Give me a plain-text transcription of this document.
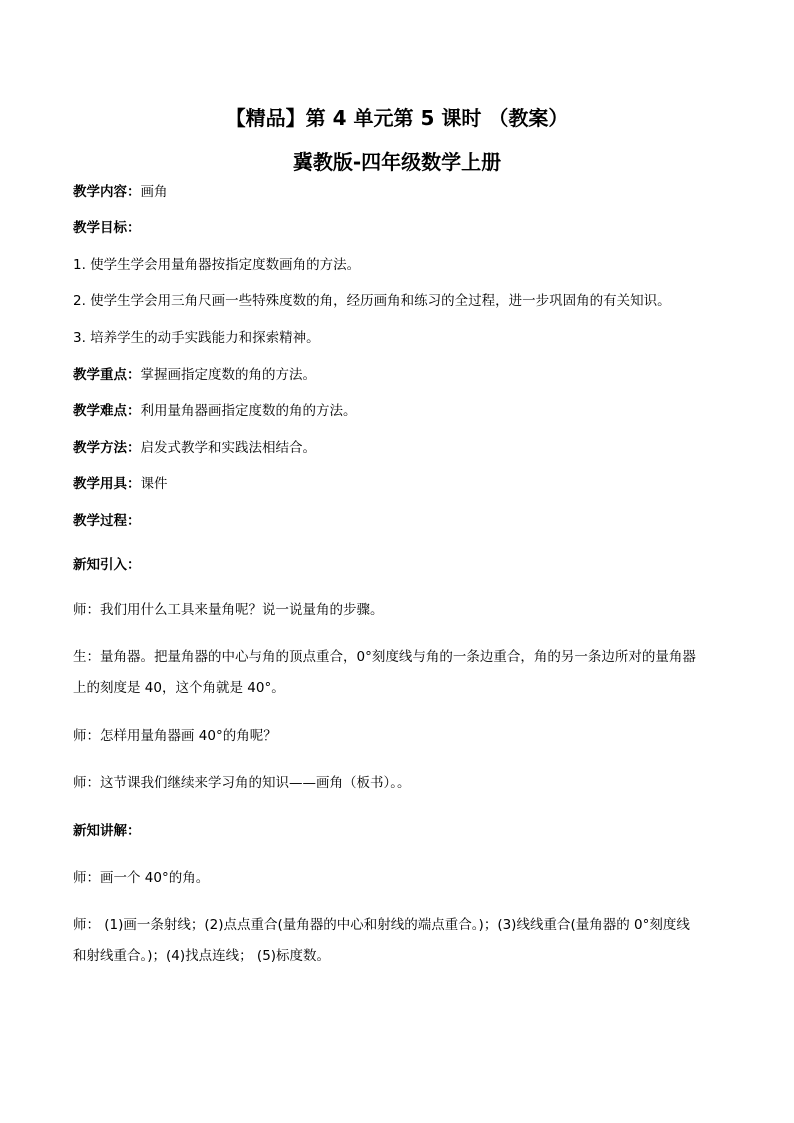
【精品】第 4 单元第 5 课时 （教案）
冀教版-四年级数学上册
教学内容：画角
教学目标：
1. 使学生学会用量角器按指定度数画角的方法。
2. 使学生学会用三角尺画一些特殊度数的角，经历画角和练习的全过程，进一步巩固角的有关知识。
3. 培养学生的动手实践能力和探索精神。
教学重点：掌握画指定度数的角的方法。
教学难点：利用量角器画指定度数的角的方法。
教学方法：启发式教学和实践法相结合。
教学用具：课件
教学过程：
新知引入：
师：我们用什么工具来量角呢？说一说量角的步骤。
生：量角器。把量角器的中心与角的顶点重合，0°刻度线与角的一条边重合，角的另一条边所对的量角器
上的刻度是 40，这个角就是 40°。
师：怎样用量角器画 40°的角呢？
师：这节课我们继续来学习角的知识——画角（板书）。。
新知讲解：
师：画一个 40°的角。
师： (1)画一条射线；(2)点点重合(量角器的中心和射线的端点重合。)；(3)线线重合(量角器的 0°刻度线
和射线重合。)；(4)找点连线； (5)标度数。
